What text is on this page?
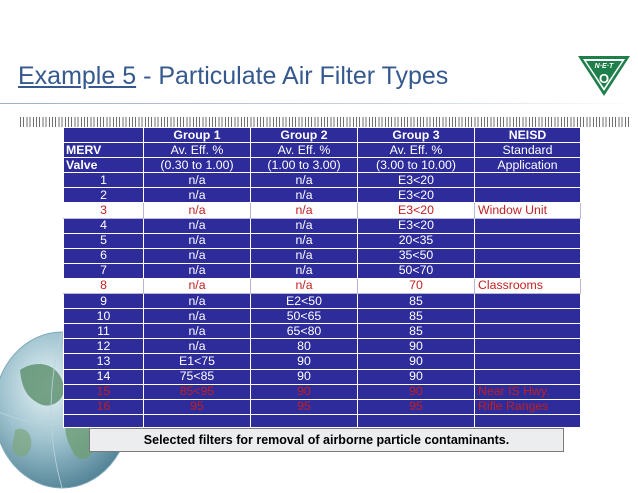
Example 5 - Particulate Air Filter Types	N·E·T
O
	Group 1	Group 2	Group 3	NEISD
MERV	Av. Eff. %	Av. Eff. %	Av. Eff. %	Standard
Valve	(0.30 to 1.00)	(1.00 to 3.00)	(3.00 to 10.00)	Application
1	n/a	n/a	E3<20	
2	n/a	n/a	E3<20	
3	n/a	n/a	E3<20	Window Unit
4	n/a	n/a	E3<20	
5	n/a	n/a	20<35	
6	n/a	n/a	35<50	
7	n/a	n/a	50<70	
8	n/a	n/a	70	Classrooms
9	n/a	E2<50	85	
10	n/a	50<65	85	
11	n/a	65<80	85	
12	n/a	80	90	
13	E1<75	90	90	
14	75<85	90	90	
15	85<95	90	90	Near IS Hwy.
16	95	95	95	Rifle Ranges

Selected filters for removal of airborne particle contaminants.
